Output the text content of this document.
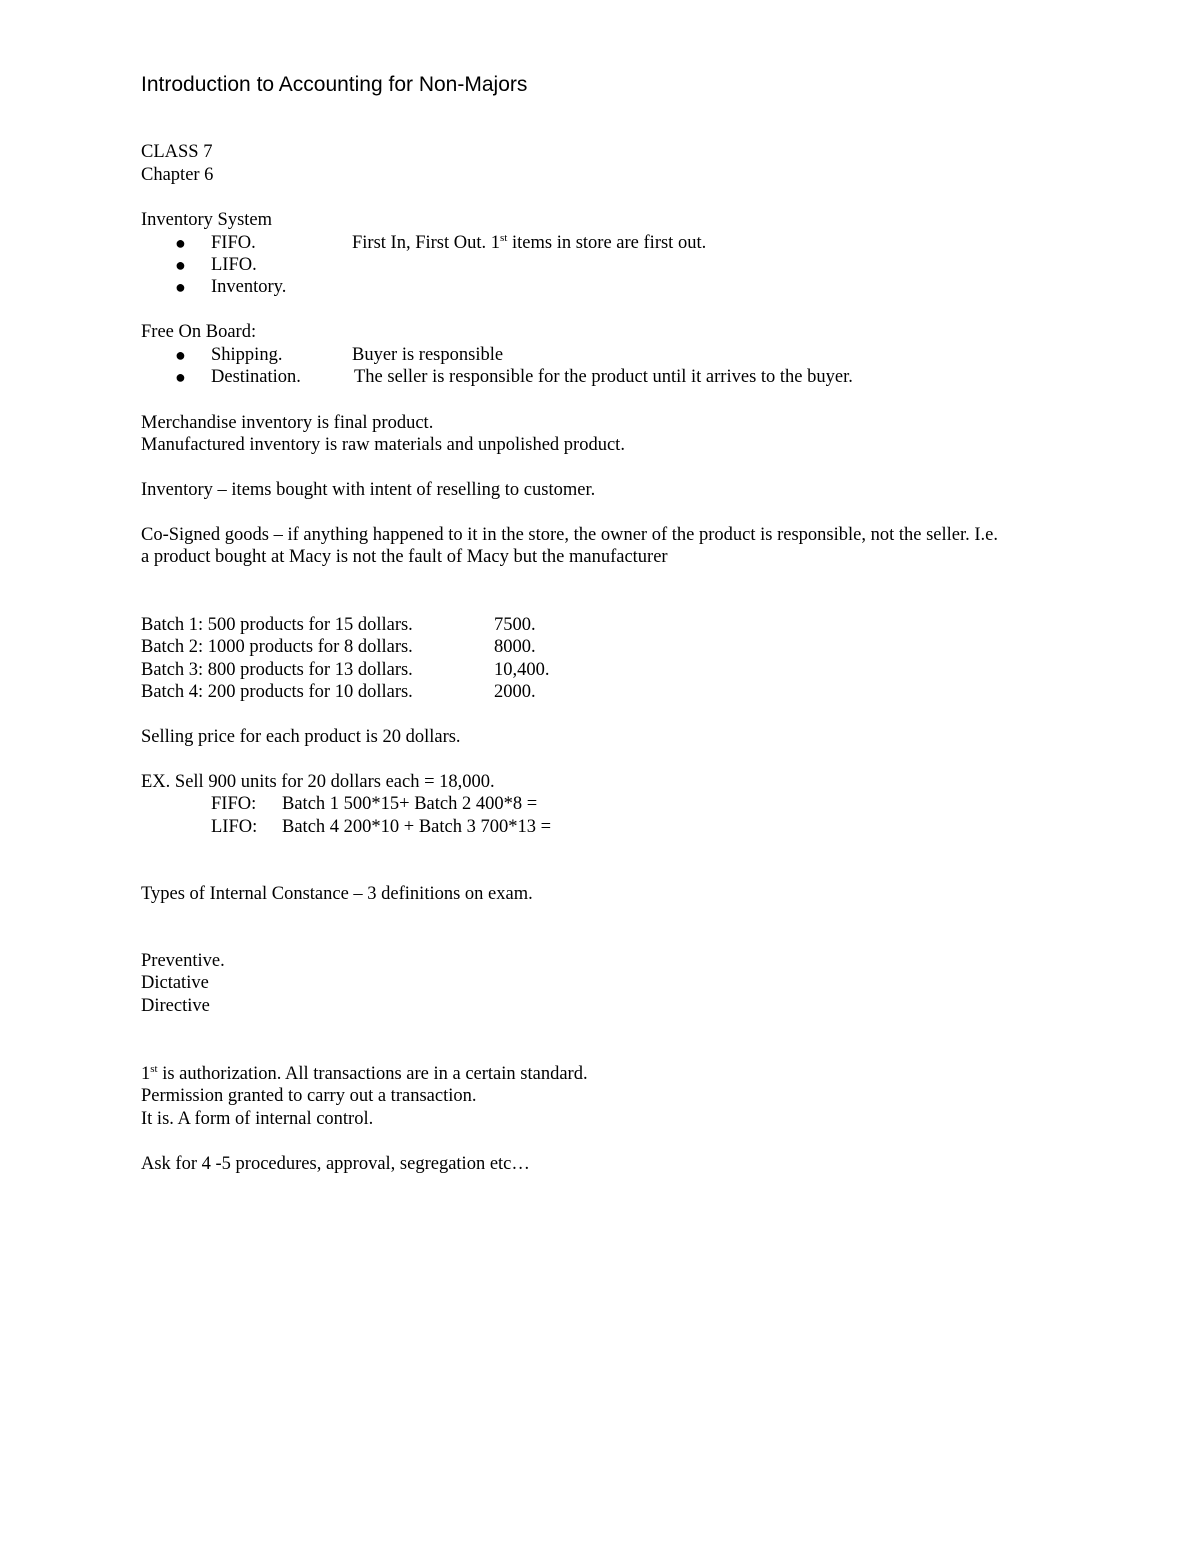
Introduction to Accounting for Non-Majors
CLASS 7
Chapter 6
Inventory System
● FIFO.	First In, First Out. 1st items in store are first out.
● LIFO.
● Inventory.
Free On Board:
● Shipping.	Buyer is responsible
● Destination.	The seller is responsible for the product until it arrives to the buyer.
Merchandise inventory is final product.
Manufactured inventory is raw materials and unpolished product.
Inventory – items bought with intent of reselling to customer.
Co-Signed goods – if anything happened to it in the store, the owner of the product is responsible, not the seller. I.e.
a product bought at Macy is not the fault of Macy but the manufacturer
Batch 1: 500 products for 15 dollars.	7500.
Batch 2: 1000 products for 8 dollars.	8000.
Batch 3: 800 products for 13 dollars.	10,400.
Batch 4: 200 products for 10 dollars.	2000.
Selling price for each product is 20 dollars.
EX. Sell 900 units for 20 dollars each = 18,000.
FIFO: Batch 1 500*15+ Batch 2 400*8 =
LIFO: Batch 4 200*10 + Batch 3 700*13 =
Types of Internal Constance – 3 definitions on exam.
Preventive.
Dictative
Directive
1st is authorization. All transactions are in a certain standard.
Permission granted to carry out a transaction.
It is. A form of internal control.
Ask for 4 -5 procedures, approval, segregation etc…
